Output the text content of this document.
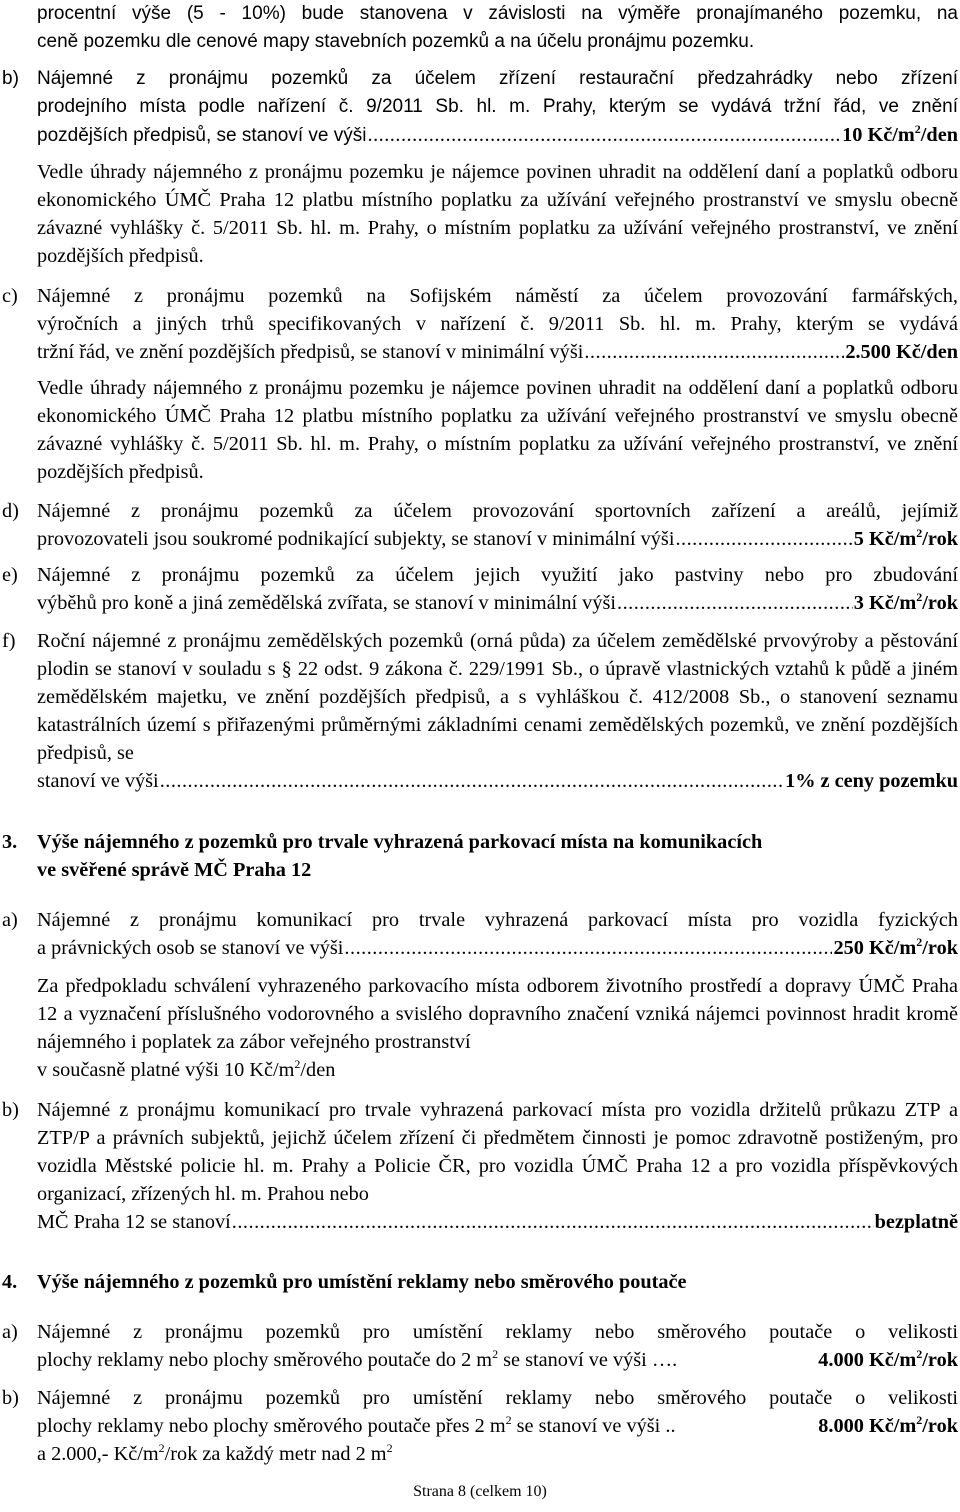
procentní výše (5 - 10%) bude stanovena v závislosti na výměře pronajímaného pozemku, na
ceně pozemku dle cenové mapy stavebních pozemků a na účelu pronájmu pozemku.
b) Nájemné z pronájmu pozemků za účelem zřízení restaurační předzahrádky nebo zřízení
prodejního místa podle nařízení č. 9/2011 Sb. hl. m. Prahy, kterým se vydává tržní řád, ve znění
pozdějších předpisů, se stanoví ve výši .....	10 $Kč/m^2$/den
Vedle úhrady nájemného z pronájmu pozemku je nájemce povinen uhradit na oddělení daní a poplatků odboru ekonomického ÚMČ Praha 12 platbu místního poplatku za užívání veřejného prostranství ve smyslu obecně závazné vyhlášky č. 5/2011 Sb. hl. m. Prahy, o místním poplatku za užívání veřejného prostranství, ve znění pozdějších předpisů.
c) Nájemné z pronájmu pozemků na Sofijském náměstí za účelem provozování farmářských,
výročních a jiných trhů specifikovaných v nařízení č. 9/2011 Sb. hl. m. Prahy, kterým se vydává
tržní řád, ve znění pozdějších předpisů, se stanoví v minimální výši .....	2.500 Kč/den
Vedle úhrady nájemného z pronájmu pozemku je nájemce povinen uhradit na oddělení daní a poplatků odboru ekonomického ÚMČ Praha 12 platbu místního poplatku za užívání veřejného prostranství ve smyslu obecně závazné vyhlášky č. 5/2011 Sb. hl. m. Prahy, o místním poplatku za užívání veřejného prostranství, ve znění pozdějších předpisů.
d) Nájemné z pronájmu pozemků za účelem provozování sportovních zařízení a areálů, jejímiž
provozovateli jsou soukromé podnikající subjekty, se stanoví v minimální výši .....	5 $Kč/m^2$/rok
e) Nájemné z pronájmu pozemků za účelem jejich využití jako pastviny nebo pro zbudování
výběhů pro koně a jiná zemědělská zvířata, se stanoví v minimální výši .....	3 $Kč/m^2$/rok
f) Roční nájemné z pronájmu zemědělských pozemků (orná půda) za účelem zemědělské prvovýroby a pěstování plodin se stanoví v souladu s § 22 odst. 9 zákona č. 229/1991 Sb., o úpravě vlastnických vztahů k půdě a jiném zemědělském majetku, ve znění pozdějších předpisů, a s vyhláškou č. 412/2008 Sb., o stanovení seznamu katastrálních území s přiřazenými průměrnými základními cenami zemědělských pozemků, ve znění pozdějších předpisů, se
stanoví ve výši .....	1% z ceny pozemku
3. Výše nájemného z pozemků pro trvale vyhrazená parkovací místa na komunikacích
ve svěřené správě MČ Praha 12
a) Nájemné z pronájmu komunikací pro trvale vyhrazená parkovací místa pro vozidla fyzických
a právnických osob se stanoví ve výši .....	250 $Kč/m^2$/rok
Za předpokladu schválení vyhrazeného parkovacího místa odborem životního prostředí a dopravy ÚMČ Praha 12 a vyznačení příslušného vodorovného a svislého dopravního značení vzniká nájemci povinnost hradit kromě nájemného i poplatek za zábor veřejného prostranství
v současně platné výši 10 $Kč/m^2$/den
b) Nájemné z pronájmu komunikací pro trvale vyhrazená parkovací místa pro vozidla držitelů průkazu ZTP a ZTP/P a právních subjektů, jejichž účelem zřízení či předmětem činnosti je pomoc zdravotně postiženým, pro vozidla Městské policie hl. m. Prahy a Policie ČR, pro vozidla ÚMČ Praha 12 a pro vozidla příspěvkových organizací, zřízených hl. m. Prahou nebo
MČ Praha 12 se stanoví .....	bezplatně
4. Výše nájemného z pozemků pro umístění reklamy nebo směrového poutače
a) Nájemné z pronájmu pozemků pro umístění reklamy nebo směrového poutače o velikosti
plochy reklamy nebo plochy směrového poutače do 2 $m^2$ se stanoví ve výši ….	4.000 $Kč/m^2$/rok
b) Nájemné z pronájmu pozemků pro umístění reklamy nebo směrového poutače o velikosti
plochy reklamy nebo plochy směrového poutače přes 2 $m^2$ se stanoví ve výši ..	8.000 $Kč/m^2$/rok
a 2.000,- $Kč/m^2$/rok za každý metr nad 2 $m^2$
Strana 8 (celkem 10)
